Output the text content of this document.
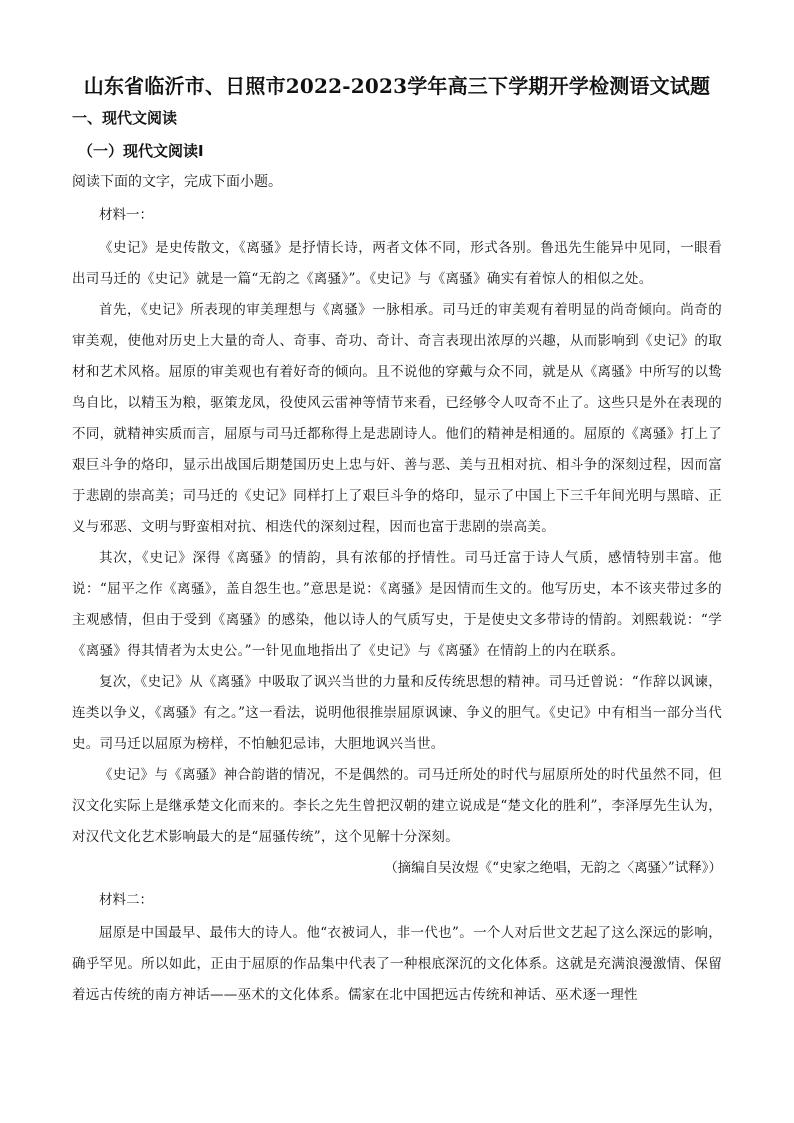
山东省临沂市、日照市2022-2023学年高三下学期开学检测语文试题
一、现代文阅读
（一）现代文阅读Ⅰ
阅读下面的文字，完成下面小题。
材料一：

《史记》是史传散文，《离骚》是抒情长诗，两者文体不同，形式各别。鲁迅先生能异中见同，一眼看出司马迁的《史记》就是一篇“无韵之《离骚》”。《史记》与《离骚》确实有着惊人的相似之处。

首先，《史记》所表现的审美理想与《离骚》一脉相承。司马迁的审美观有着明显的尚奇倾向。尚奇的审美观，使他对历史上大量的奇人、奇事、奇功、奇计、奇言表现出浓厚的兴趣，从而影响到《史记》的取材和艺术风格。屈原的审美观也有着好奇的倾向。且不说他的穿戴与众不同，就是从《离骚》中所写的以鸷鸟自比，以精玉为粮，驱策龙凤，役使风云雷神等情节来看，已经够令人叹奇不止了。这些只是外在表现的不同，就精神实质而言，屈原与司马迁都称得上是悲剧诗人。他们的精神是相通的。屈原的《离骚》打上了艰巨斗争的烙印，显示出战国后期楚国历史上忠与奸、善与恶、美与丑相对抗、相斗争的深刻过程，因而富于悲剧的崇高美；司马迁的《史记》同样打上了艰巨斗争的烙印，显示了中国上下三千年间光明与黑暗、正义与邪恶、文明与野蛮相对抗、相迭代的深刻过程，因而也富于悲剧的崇高美。

其次，《史记》深得《离骚》的情韵，具有浓郁的抒情性。司马迁富于诗人气质，感情特别丰富。他说：“屈平之作《离骚》，盖自怨生也。”意思是说：《离骚》是因情而生文的。他写历史，本不该夹带过多的主观感情，但由于受到《离骚》的感染，他以诗人的气质写史，于是使史文多带诗的情韵。刘熙载说：“学《离骚》得其情者为太史公。”一针见血地指出了《史记》与《离骚》在情韵上的内在联系。

复次，《史记》从《离骚》中吸取了讽兴当世的力量和反传统思想的精神。司马迁曾说：“作辞以讽谏，连类以争义，《离骚》有之。”这一看法，说明他很推崇屈原讽谏、争义的胆气。《史记》中有相当一部分当代史。司马迁以屈原为榜样，不怕触犯忌讳，大胆地讽兴当世。

《史记》与《离骚》神合韵谐的情况，不是偶然的。司马迁所处的时代与屈原所处的时代虽然不同，但汉文化实际上是继承楚文化而来的。李长之先生曾把汉朝的建立说成是“楚文化的胜利”，李泽厚先生认为，对汉代文化艺术影响最大的是“屈骚传统”，这个见解十分深刻。

（摘编自吴汝煜《“史家之绝唱，无韵之〈离骚〉”试释》）
材料二：

屈原是中国最早、最伟大的诗人。他“衣被词人，非一代也”。一个人对后世文艺起了这么深远的影响，确乎罕见。所以如此，正由于屈原的作品集中代表了一种根底深沉的文化体系。这就是充满浪漫激情、保留着远古传统的南方神话——巫术的文化体系。儒家在北中国把远古传统和神话、巫术逐一理性
